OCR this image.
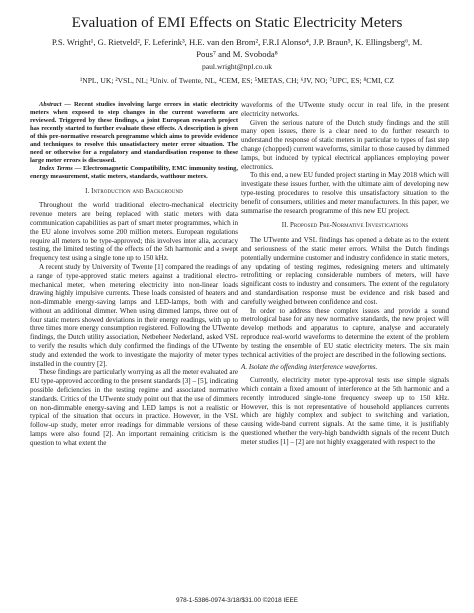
Evaluation of EMI Effects on Static Electricity Meters
P.S. Wright¹, G. Rietveld², F. Leferink³, H.E. van den Brom², F.R.I Alonso⁴, J.P. Braun⁵, K. Ellingsberg⁶, M.
Pous⁷ and M. Svoboda⁸
paul.wright@npl.co.uk
¹NPL, UK; ²VSL, NL; ³Univ. of Twente, NL, ⁴CEM, ES; ⁵METAS, CH; ⁶JV, NO; ⁷UPC, ES; ⁸CMI, CZ

Abstract — Recent studies involving large errors in static electricity meters when exposed to step changes in the current waveform are reviewed. Triggered by these findings, a joint European research project has recently started to further evaluate these effects. A description is given of this pre-normative research programme which aims to provide evidence and techniques to resolve this unsatisfactory meter error situation. The need or otherwise for a regulatory and standardisation response to these large meter errors is discussed.

Index Terms — Electromagnetic Compatibility, EMC immunity testing, energy measurement, static meters, standards, watthour meters.

I. Introduction and Background

Throughout the world traditional electro-mechanical electricity revenue meters are being replaced with static meters with data communication capabilities as part of smart meter programmes, which in the EU alone involves some 200 million meters. European regulations require all meters to be type-approved; this involves inter alia, accuracy testing, the limited testing of the effects of the 5th harmonic and a swept frequency test using a single tone up to 150 kHz.

A recent study by University of Twente [1] compared the readings of a range of type-approved static meters against a traditional electro-mechanical meter, when metering electricity into non-linear loads drawing highly impulsive currents. These loads consisted of heaters and non-dimmable energy-saving lamps and LED-lamps, both with and without an additional dimmer. When using dimmed lamps, three out of four static meters showed deviations in their energy readings, with up to three times more energy consumption registered. Following the UTwente findings, the Dutch utility association, Netbeheer Nederland, asked VSL to verify the results which duly confirmed the findings of the UTwente study and extended the work to investigate the majority of meter types installed in the country [2].

These findings are particularly worrying as all the meter evaluated are EU type-approved according to the present standards [3] – [5], indicating possible deficiencies in the testing regime and associated normative standards. Critics of the UTwente study point out that the use of dimmers on non-dimmable energy-saving and LED lamps is not a realistic or typical of the situation that occurs in practice. However, in the VSL follow-up study, meter error readings for dimmable versions of these lamps were also found [2]. An important remaining criticism is the question to what extent the

waveforms of the UTwente study occur in real life, in the present electricity networks.

Given the serious nature of the Dutch study findings and the still many open issues, there is a clear need to do further research to understand the response of static meters in particular to types of fast step change (chopped) current waveforms, similar to those caused by dimmed lamps, but induced by typical electrical appliances employing power electronics.

To this end, a new EU funded project starting in May 2018 which will investigate these issues further, with the ultimate aim of developing new type-testing procedures to resolve this unsatisfactory situation to the benefit of consumers, utilities and meter manufacturers. In this paper, we summarise the research programme of this new EU project.

II. Proposed Pre-Normative Investigations

The UTwente and VSL findings has opened a debate as to the extent and seriousness of the static meter errors. Whilst the Dutch findings potentially undermine customer and industry confidence in static meters, any updating of testing regimes, redesigning meters and ultimately retrofitting or replacing considerable numbers of meters, will have significant costs to industry and consumers. The extent of the regulatory and standardisation response must be evidence and risk based and carefully weighed between confidence and cost.

In order to address these complex issues and provide a sound metrological base for any new normative standards, the new project will develop methods and apparatus to capture, analyse and accurately reproduce real-world waveforms to determine the extent of the problem by testing the ensemble of EU static electricity meters. The six main technical activities of the project are described in the following sections.

A. Isolate the offending interference waveforms.

Currently, electricity meter type-approval tests use simple signals which contain a fixed amount of interference at the 5th harmonic and a recently introduced single-tone frequency sweep up to 150 kHz. However, this is not representative of household appliances currents which are highly complex and subject to switching and variation, causing wide-band current signals. At the same time, it is justifiably questioned whether the very-high bandwidth signals of the recent Dutch meter studies [1] – [2] are not highly exaggerated with respect to the

978-1-5386-0974-3/18/$31.00 ©2018 IEEE
